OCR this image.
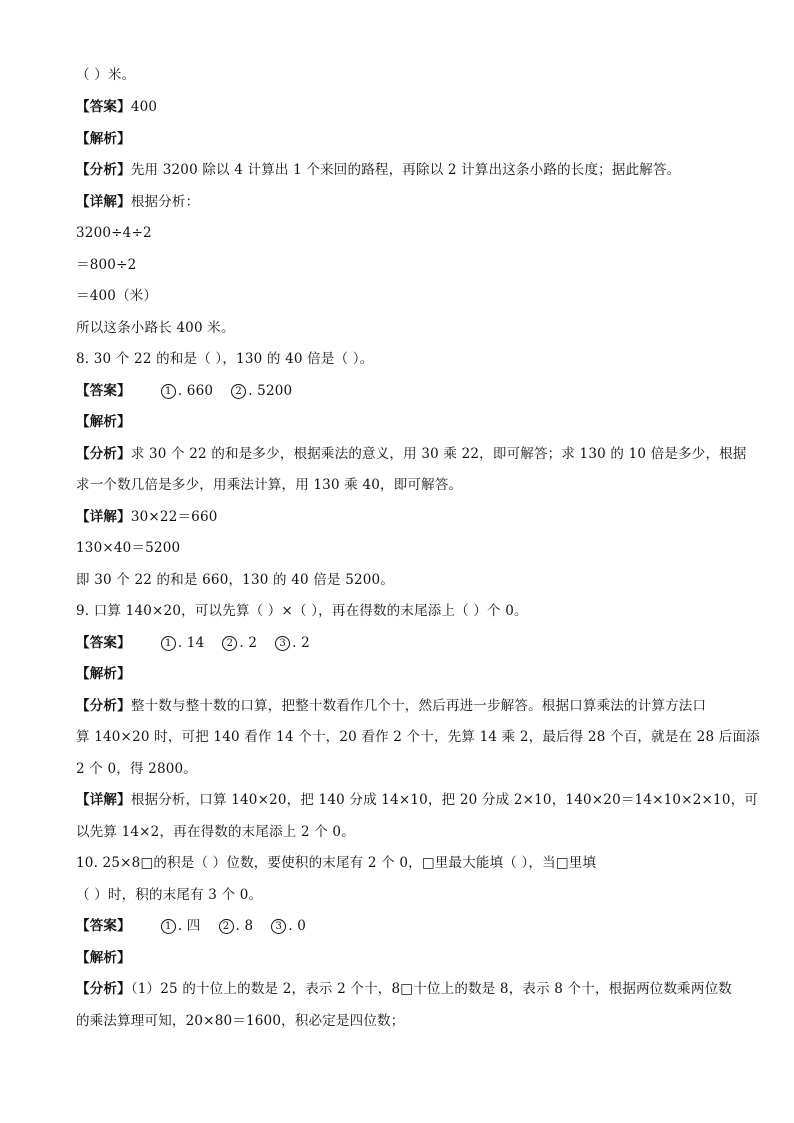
（ ）米。
【答案】400
【解析】
【分析】先用 3200 除以 4 计算出 1 个来回的路程，再除以 2 计算出这条小路的长度；据此解答。
【详解】根据分析：
3200÷4÷2
＝800÷2
＝400（米）
所以这条小路长 400 米。
8. 30 个 22 的和是（ ），130 的 40 倍是（ ）。
【答案】	1 . 660 2 . 5200
【解析】
【分析】求 30 个 22 的和是多少，根据乘法的意义，用 30 乘 22，即可解答；求 130 的 10 倍是多少，根据
求一个数几倍是多少，用乘法计算，用 130 乘 40，即可解答。
【详解】30×22＝660
130×40＝5200
即 30 个 22 的和是 660，130 的 40 倍是 5200。
9. 口算 140×20，可以先算（ ）×（ ），再在得数的末尾添上（ ）个 0。
【答案】	1 . 14 2 . 2 3 . 2
【解析】
【分析】整十数与整十数的口算，把整十数看作几个十，然后再进一步解答。根据口算乘法的计算方法口
算 140×20 时，可把 140 看作 14 个十，20 看作 2 个十，先算 14 乘 2，最后得 28 个百，就是在 28 后面添
2 个 0，得 2800。
【详解】根据分析，口算 140×20，把 140 分成 14×10，把 20 分成 2×10，140×20＝14×10×2×10，可
以先算 14×2，再在得数的末尾添上 2 个 0。
10. 25×8□的积是（ ）位数，要使积的末尾有 2 个 0，□里最大能填（ ），当□里填
（ ）时，积的末尾有 3 个 0。
【答案】	1 . 四 2 . 8 3 . 0
【解析】
【分析】（1）25 的十位上的数是 2，表示 2 个十，8□十位上的数是 8，表示 8 个十，根据两位数乘两位数
的乘法算理可知，20×80＝1600，积必定是四位数；
